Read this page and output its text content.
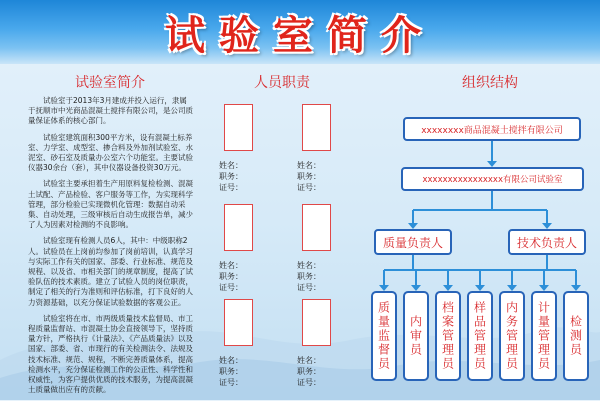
试验室简介
试验室简介

试验室于2013年3月建成并投入运行，隶属于抚顺市中光商品混凝土搅拌有限公司，是公司质量保证体系的核心部门。

试验室建筑面积300平方米，设有混凝土标养室、力学室、成型室、掺合料及外加剂试验室、水泥室、砂石室及质量办公室六个功能室。主要试验仪器30余台（套），其中仪器设备投资30万元。

试验室主要承担着生产用原料复检检测、混凝土试配、产品检验、客户服务等工作，为实现科学管理，部分检验已实现微机化管理：数据自动采集、自动处理，三级审核后自动生成报告单，减少了人为因素对检测的不良影响。

试验室现有检测人员6人，其中：中级职称2人。试验员在上岗前均参加了岗前培训，认真学习与实际工作有关的国家、部委、行业标准、规范及规程、以及省、市相关部门的规章制度，提高了试验队伍的技术素质。建立了试验人员的岗位职责，制定了相关的行为准则和评估标准，打下良好的人力资源基础，以充分保证试验数据的客观公正。

试验室将在市、市两级质量技术监督局、市工程质量监督站、市混凝土协会直接领导下，坚持质量方针，严格执行《计量法》、《产品质量法》以及国家、部委、省、市现行的有关检测法令、法规及技术标准、规范、规程，不断完善质量体系，提高检测水平，充分保证检测工作的公正性、科学性和权威性，为客户提供优质的技术服务，为提高混凝土质量做出应有的贡献。

人员职责
姓名：
职务：
证号：
姓名：
职务：
证号：
姓名：
职务：
证号：
姓名：
职务：
证号：
姓名：
职务：
证号：
姓名：
职务：
证号：
组织结构
xxxxxxxx商品混凝土搅拌有限公司
xxxxxxxxxxxxxxxx有限公司试验室
质量负责人	技术负责人
质量监督员	内审员	档案管理员	样品管理员	内务管理员	计量管理员	检测员
